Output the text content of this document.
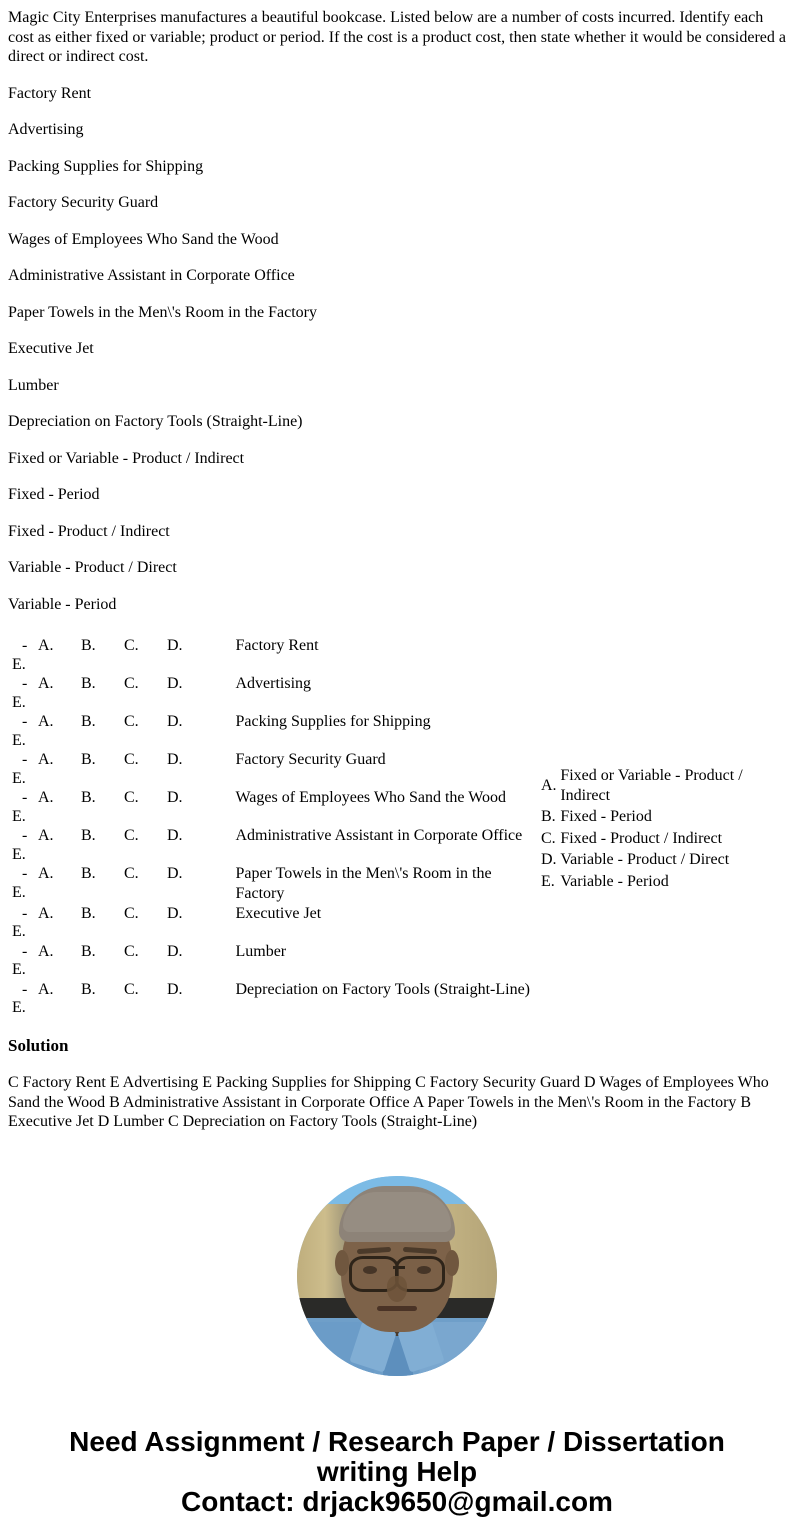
Magic City Enterprises manufactures a beautiful bookcase. Listed below are a number of costs incurred. Identify each cost as either fixed or variable; product or period. If the cost is a product cost, then state whether it would be considered a direct or indirect cost.

Factory Rent

Advertising

Packing Supplies for Shipping

Factory Security Guard

Wages of Employees Who Sand the Wood

Administrative Assistant in Corporate Office

Paper Towels in the Men\'s Room in the Factory

Executive Jet

Lumber

Depreciation on Factory Tools (Straight-Line)

Fixed or Variable - Product / Indirect

Fixed - Period

Fixed - Product / Indirect

Variable - Product / Direct

Variable - Period

- A. B. C. D.
E.	Factory Rent
- A. B. C. D.
E.	Advertising
- A. B. C. D.
E.	Packing Supplies for Shipping
- A. B. C. D.
E.	Factory Security Guard
- A. B. C. D.
E.	Wages of Employees Who Sand the Wood
- A. B. C. D.
E.	Administrative Assistant in Corporate Office
- A. B. C. D.
E.	Paper Towels in the Men\'s Room in the Factory
- A. B. C. D.
E.	Executive Jet
- A. B. C. D.
E.	Lumber
- A. B. C. D.
E.	Depreciation on Factory Tools (Straight-Line)
A.	Fixed or Variable - Product / Indirect
B.	Fixed - Period
C.	Fixed - Product / Indirect
D.	Variable - Product / Direct
E.	Variable - Period
Solution

C Factory Rent E Advertising E Packing Supplies for Shipping C Factory Security Guard D Wages of Employees Who Sand the Wood B Administrative Assistant in Corporate Office A Paper Towels in the Men\'s Room in the Factory B Executive Jet D Lumber C Depreciation on Factory Tools (Straight-Line)

Need Assignment / Research Paper / Dissertation
writing Help
Contact: drjack9650@gmail.com
